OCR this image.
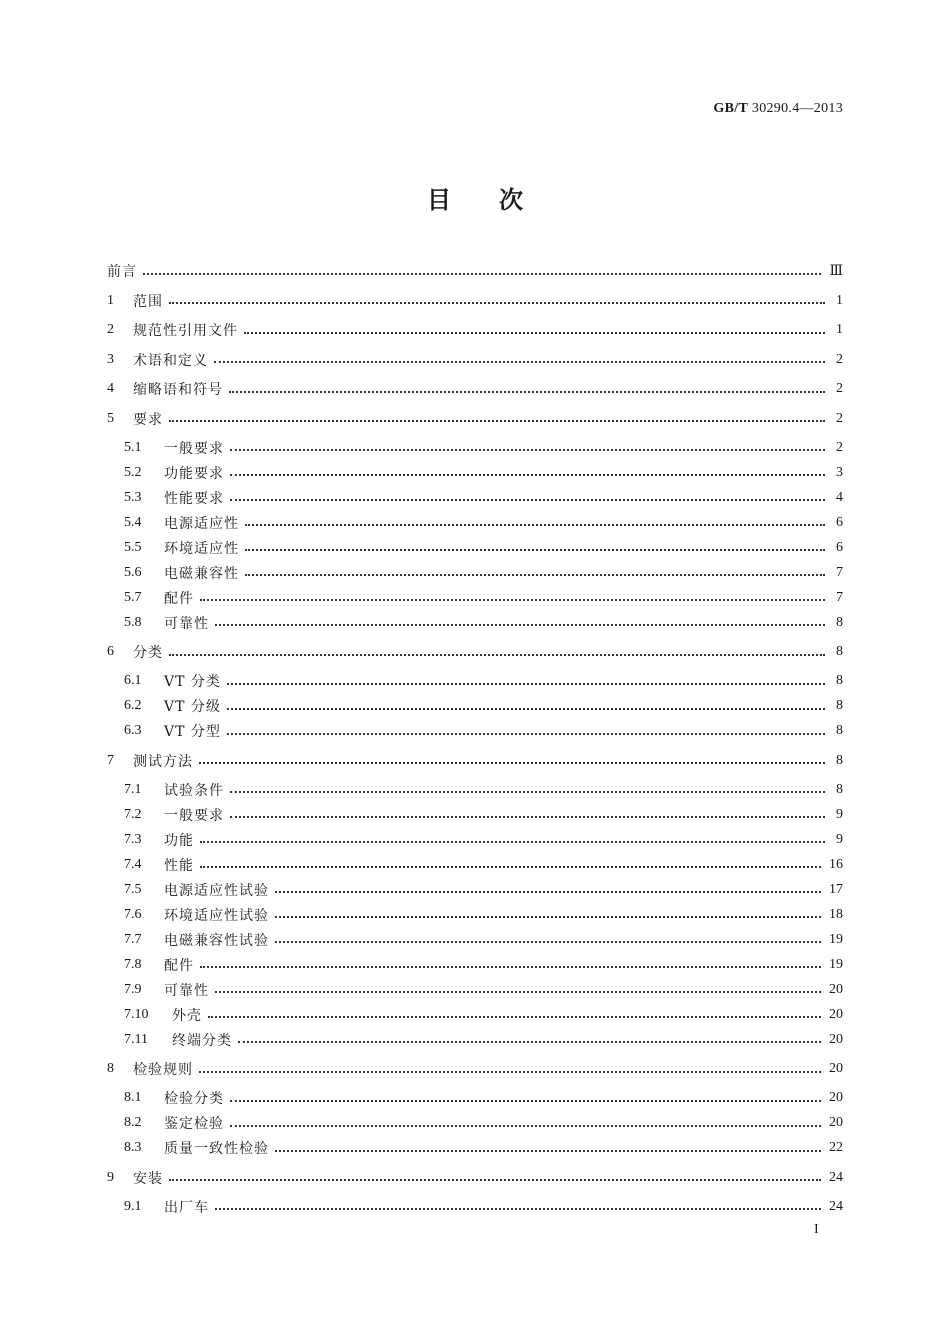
GB/T 30290.4—2013
目次
前言	Ⅲ
1	范围	1
2	规范性引用文件	1
3	术语和定义	2
4	缩略语和符号	2
5	要求	2
5.1	一般要求	2
5.2	功能要求	3
5.3	性能要求	4
5.4	电源适应性	6
5.5	环境适应性	6
5.6	电磁兼容性	7
5.7	配件	7
5.8	可靠性	8
6	分类	8
6.1	VT 分类	8
6.2	VT 分级	8
6.3	VT 分型	8
7	测试方法	8
7.1	试验条件	8
7.2	一般要求	9
7.3	功能	9
7.4	性能	16
7.5	电源适应性试验	17
7.6	环境适应性试验	18
7.7	电磁兼容性试验	19
7.8	配件	19
7.9	可靠性	20
7.10	外壳	20
7.11	终端分类	20
8	检验规则	20
8.1	检验分类	20
8.2	鉴定检验	20
8.3	质量一致性检验	22
9	安装	24
9.1	出厂车	24
I
